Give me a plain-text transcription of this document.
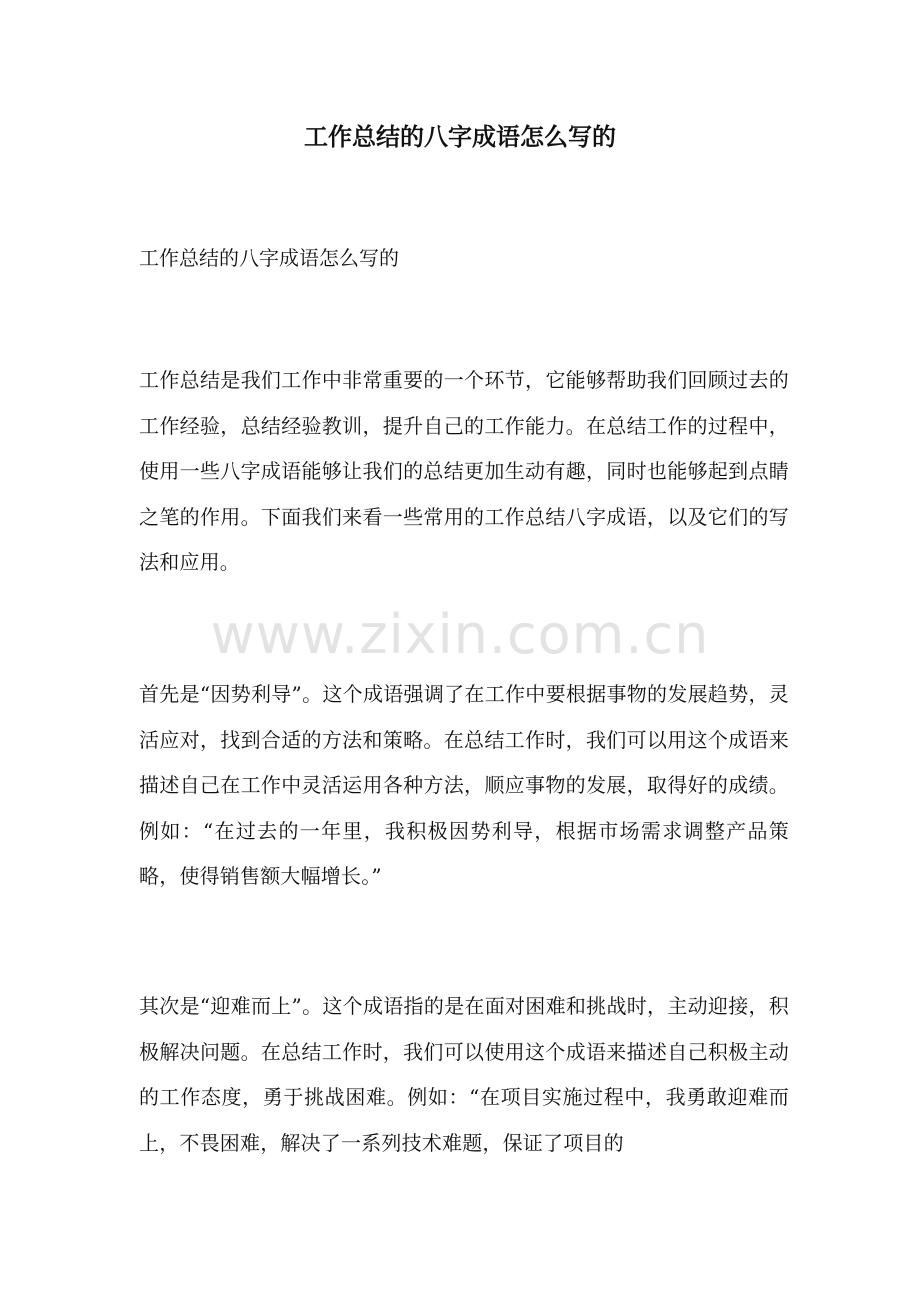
工作总结的八字成语怎么写的

工作总结的八字成语怎么写的

工作总结是我们工作中非常重要的一个环节，它能够帮助我们回顾过去的工作经验，总结经验教训，提升自己的工作能力。在总结工作的过程中，使用一些八字成语能够让我们的总结更加生动有趣，同时也能够起到点睛之笔的作用。下面我们来看一些常用的工作总结八字成语，以及它们的写法和应用。

www.zixin.com.cn

首先是“因势利导”。这个成语强调了在工作中要根据事物的发展趋势，灵活应对，找到合适的方法和策略。在总结工作时，我们可以用这个成语来描述自己在工作中灵活运用各种方法，顺应事物的发展，取得好的成绩。例如：“在过去的一年里，我积极因势利导，根据市场需求调整产品策略，使得销售额大幅增长。”

其次是“迎难而上”。这个成语指的是在面对困难和挑战时，主动迎接，积极解决问题。在总结工作时，我们可以使用这个成语来描述自己积极主动的工作态度，勇于挑战困难。例如：“在项目实施过程中，我勇敢迎难而上，不畏困难，解决了一系列技术难题，保证了项目的
